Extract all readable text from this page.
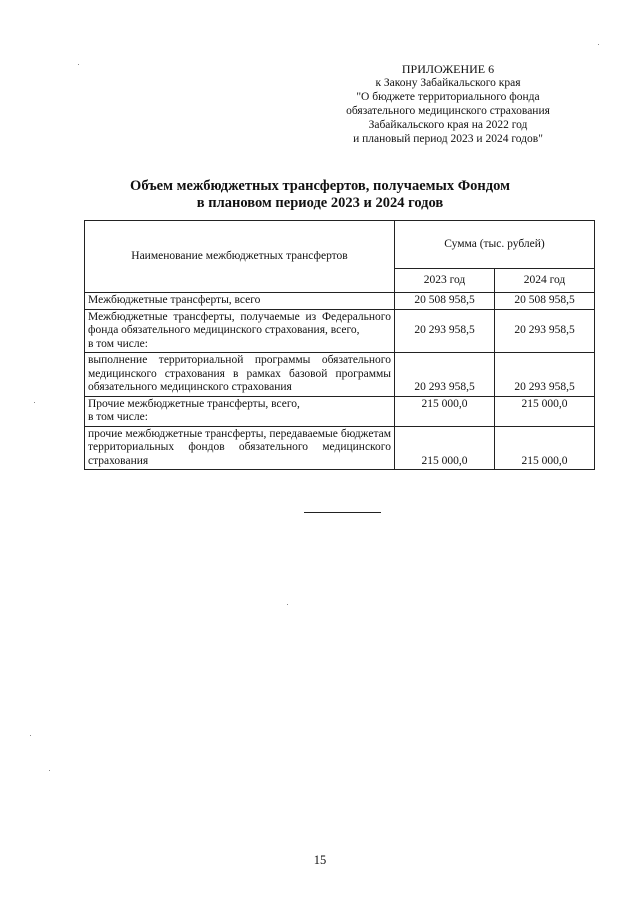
ПРИЛОЖЕНИЕ 6
к Закону Забайкальского края
"О бюджете территориального фонда
обязательного медицинского страхования
Забайкальского края на 2022 год
и плановый период 2023 и 2024 годов"
Объем межбюджетных трансфертов, получаемых Фондом
в плановом периоде 2023 и 2024 годов
Наименование межбюджетных трансфертов	Сумма (тыс. рублей)	
	2023 год	2024 год
Межбюджетные трансферты, всего	20 508 958,5	20 508 958,5
Межбюджетные трансферты, получаемые из Федерального фонда обязательного медицинского страхования, всего,
в том числе:	20 293 958,5	20 293 958,5
выполнение территориальной программы обязательного медицинского страхования в рамках базовой программы обязательного медицинского страхования	20 293 958,5	20 293 958,5
Прочие межбюджетные трансферты, всего,
в том числе:	215 000,0	215 000,0
прочие межбюджетные трансферты, передаваемые бюджетам территориальных фондов обязательного медицинского страхования	215 000,0	215 000,0
15
